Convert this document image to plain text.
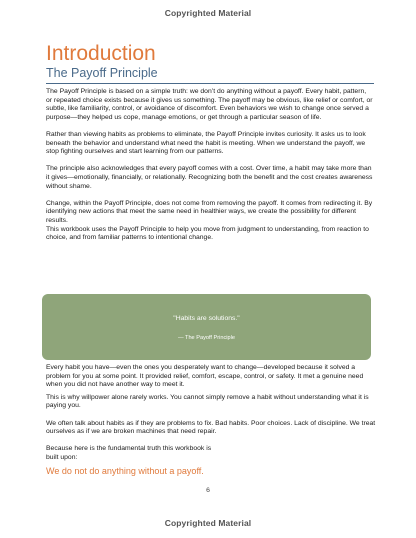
Copyrighted Material
Introduction
The Payoff Principle

The Payoff Principle is based on a simple truth: we don’t do anything without a payoff. Every habit, pattern, or repeated choice exists because it gives us something. The payoff may be obvious, like relief or comfort, or subtle, like familiarity, control, or avoidance of discomfort. Even behaviors we wish to change once served a purpose—they helped us cope, manage emotions, or get through a particular season of life.

Rather than viewing habits as problems to eliminate, the Payoff Principle invites curiosity. It asks us to look beneath the behavior and understand what need the habit is meeting. When we understand the payoff, we stop fighting ourselves and start learning from our patterns.

The principle also acknowledges that every payoff comes with a cost. Over time, a habit may take more than it gives—emotionally, financially, or relationally. Recognizing both the benefit and the cost creates awareness without shame.

Change, within the Payoff Principle, does not come from removing the payoff. It comes from redirecting it. By identifying new actions that meet the same need in healthier ways, we create the possibility for different results.

This workbook uses the Payoff Principle to help you move from judgment to understanding, from reaction to choice, and from familiar patterns to intentional change.

"Habits are solutions."
— The Payoff Principle

Every habit you have—even the ones you desperately want to change—developed because it solved a problem for you at some point. It provided relief, comfort, escape, control, or safety. It met a genuine need when you did not have another way to meet it.

This is why willpower alone rarely works. You cannot simply remove a habit without understanding what it is paying you.

We often talk about habits as if they are problems to fix. Bad habits. Poor choices. Lack of discipline. We treat ourselves as if we are broken machines that need repair.

Because here is the fundamental truth this workbook is

built upon:

We do not do anything without a payoff.
6
Copyrighted Material
